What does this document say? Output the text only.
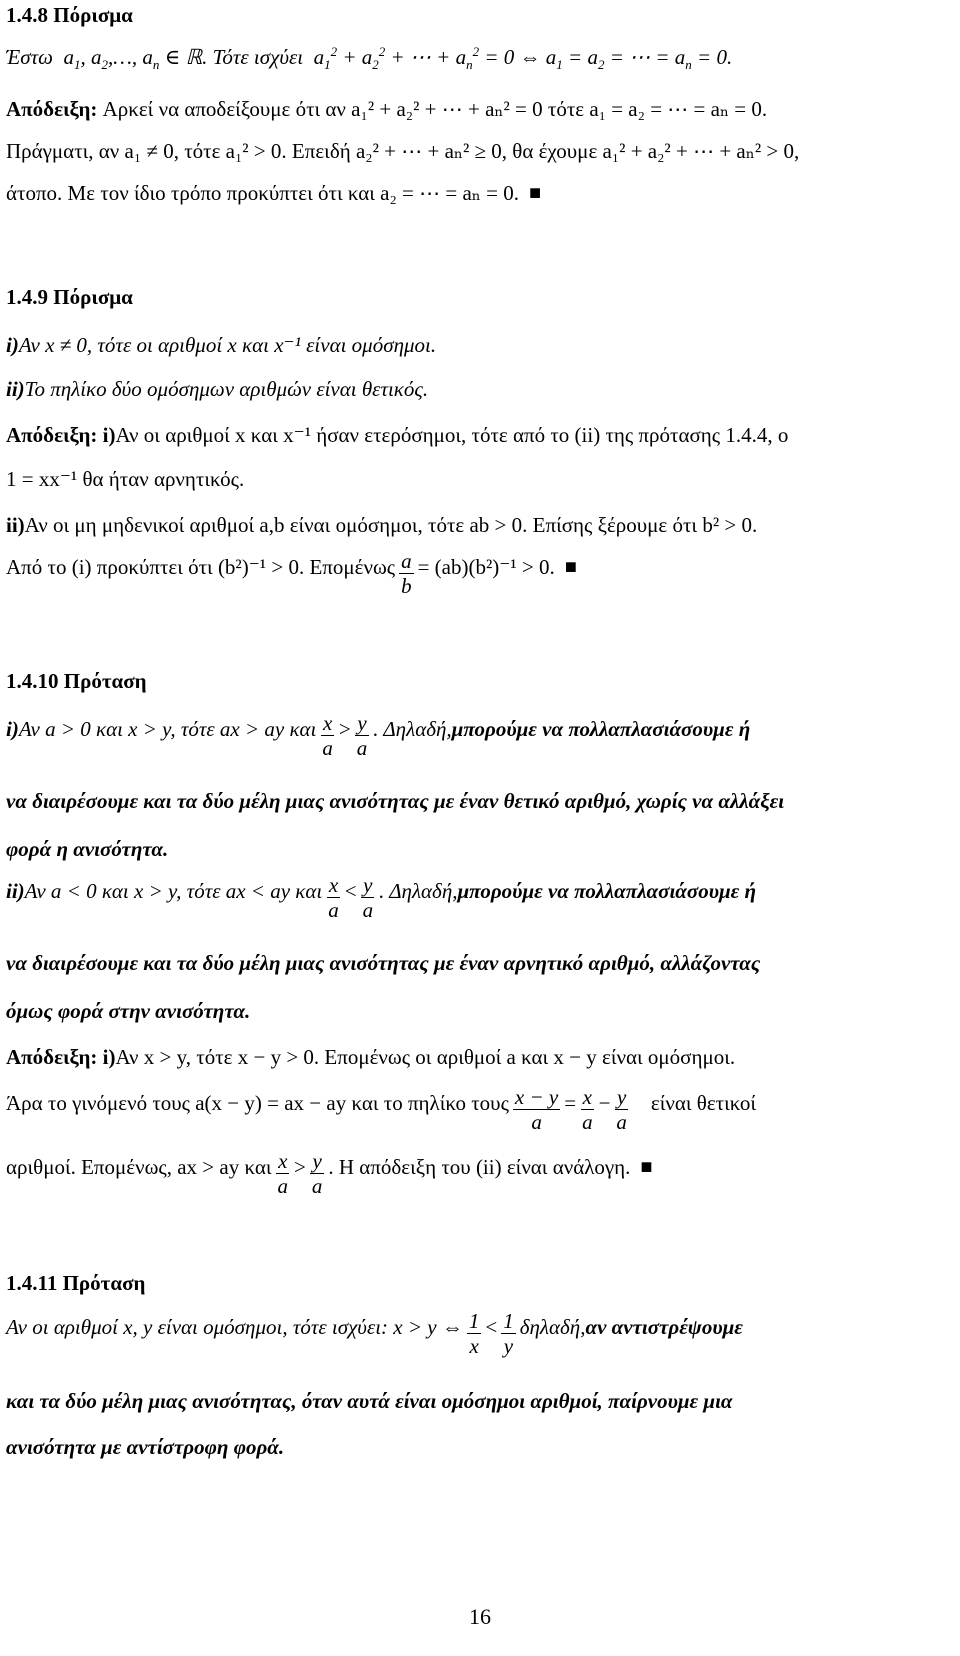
1.4.8 Πόρισμα
Έστω  $a_1$, $a_2,\dots$, $a_n$ ∈ ℝ. Τότε ισχύει  $a_1^2 + a_2^2$ + ⋯ + $a_n^2 = 0$ ⇔ $a_1 = a_2$ = ⋯ = $a_n = 0$.
Απόδειξη:
Αρκεί να αποδείξουμε ότι αν a₁² + a₂² + ⋯ + aₙ² = 0 τότε a₁ = a₂ = ⋯ = aₙ = 0.
Πράγματι, αν a₁ ≠ 0, τότε a₁² > 0. Επειδή a₂² + ⋯ + aₙ² ≥ 0, θα έχουμε a₁² + a₂² + ⋯ + aₙ² > 0,
άτοπο. Με τον ίδιο τρόπο προκύπτει ότι και a₂ = ⋯ = aₙ = 0. ■
1.4.9 Πόρισμα
i) Αν x ≠ 0, τότε οι αριθμοί x και x⁻¹ είναι ομόσημοι.
ii) Το πηλίκο δύο ομόσημων αριθμών είναι θετικός.
Απόδειξη: i) Αν οι αριθμοί x και x⁻¹ ήσαν ετερόσημοι, τότε από το (ii) της πρότασης 1.4.4, ο
1 = xx⁻¹ θα ήταν αρνητικός.
ii) Αν οι μη μηδενικοί αριθμοί a,b είναι ομόσημοι, τότε ab > 0. Επίσης ξέρουμε ότι b² > 0.
Από το (i) προκύπτει ότι (b²)⁻¹ > 0. Επομένως $\frac{a}{b} = (ab)(b^2)^{-1} > 0$. ■
1.4.10 Πρόταση
i) Αν a > 0 και x > y, τότε ax > ay και $\frac{x}{a} > \frac{y}{a}$ . Δηλαδή, μπορούμε να πολλαπλασιάσουμε ή
να διαιρέσουμε και τα δύο μέλη μιας ανισότητας με έναν θετικό αριθμό, χωρίς να αλλάξει
φορά η ανισότητα.
ii) Αν a < 0 και x > y, τότε ax < ay και $\frac{x}{a} < \frac{y}{a}$ . Δηλαδή, μπορούμε να πολλαπλασιάσουμε ή
να διαιρέσουμε και τα δύο μέλη μιας ανισότητας με έναν αρνητικό αριθμό, αλλάζοντας
όμως φορά στην ανισότητα.
Απόδειξη: i) Αν x > y, τότε x − y > 0. Επομένως οι αριθμοί a και x − y είναι ομόσημοι.
Άρα το γινόμενό τους a(x − y) = ax − ay και το πηλίκο τους $\frac{x - y}{a} = \frac{x}{a} - \frac{y}{a}$ είναι θετικοί
αριθμοί. Επομένως, ax > ay και $\frac{x}{a} > \frac{y}{a}$ . Η απόδειξη του (ii) είναι ανάλογη. ■
1.4.11 Πρόταση
Αν οι αριθμοί x, y είναι ομόσημοι, τότε ισχύει: x > y ⇔ $\frac{1}{x} < \frac{1}{y} \delta\eta\lambda\alpha\delta ή$, αν αντιστρέψουμε
και τα δύο μέλη μιας ανισότητας, όταν αυτά είναι ομόσημοι αριθμοί, παίρνουμε μια
ανισότητα με αντίστροφη φορά.
16
